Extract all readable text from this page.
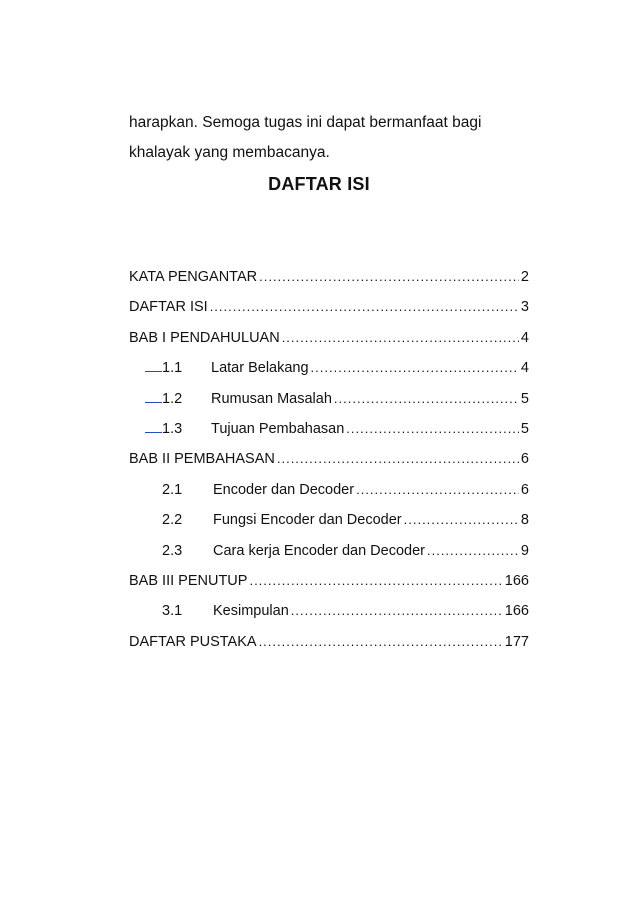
harapkan. Semoga tugas ini dapat bermanfaat bagi
khalayak yang membacanya.
DAFTAR ISI
KATA PENGANTAR .....	2
DAFTAR ISI .....	3
BAB I PENDAHULUAN .....	4
1.1	Latar Belakang .....	4
1.2	Rumusan Masalah .....	5
1.3	Tujuan Pembahasan .....	5
BAB II PEMBAHASAN .....	6
2.1	Encoder dan Decoder .....	6
2.2	Fungsi Encoder dan Decoder .....	8
2.3	Cara kerja Encoder dan Decoder .....	9
BAB III PENUTUP .....	166
3.1	Kesimpulan .....	166
DAFTAR PUSTAKA .....	177
